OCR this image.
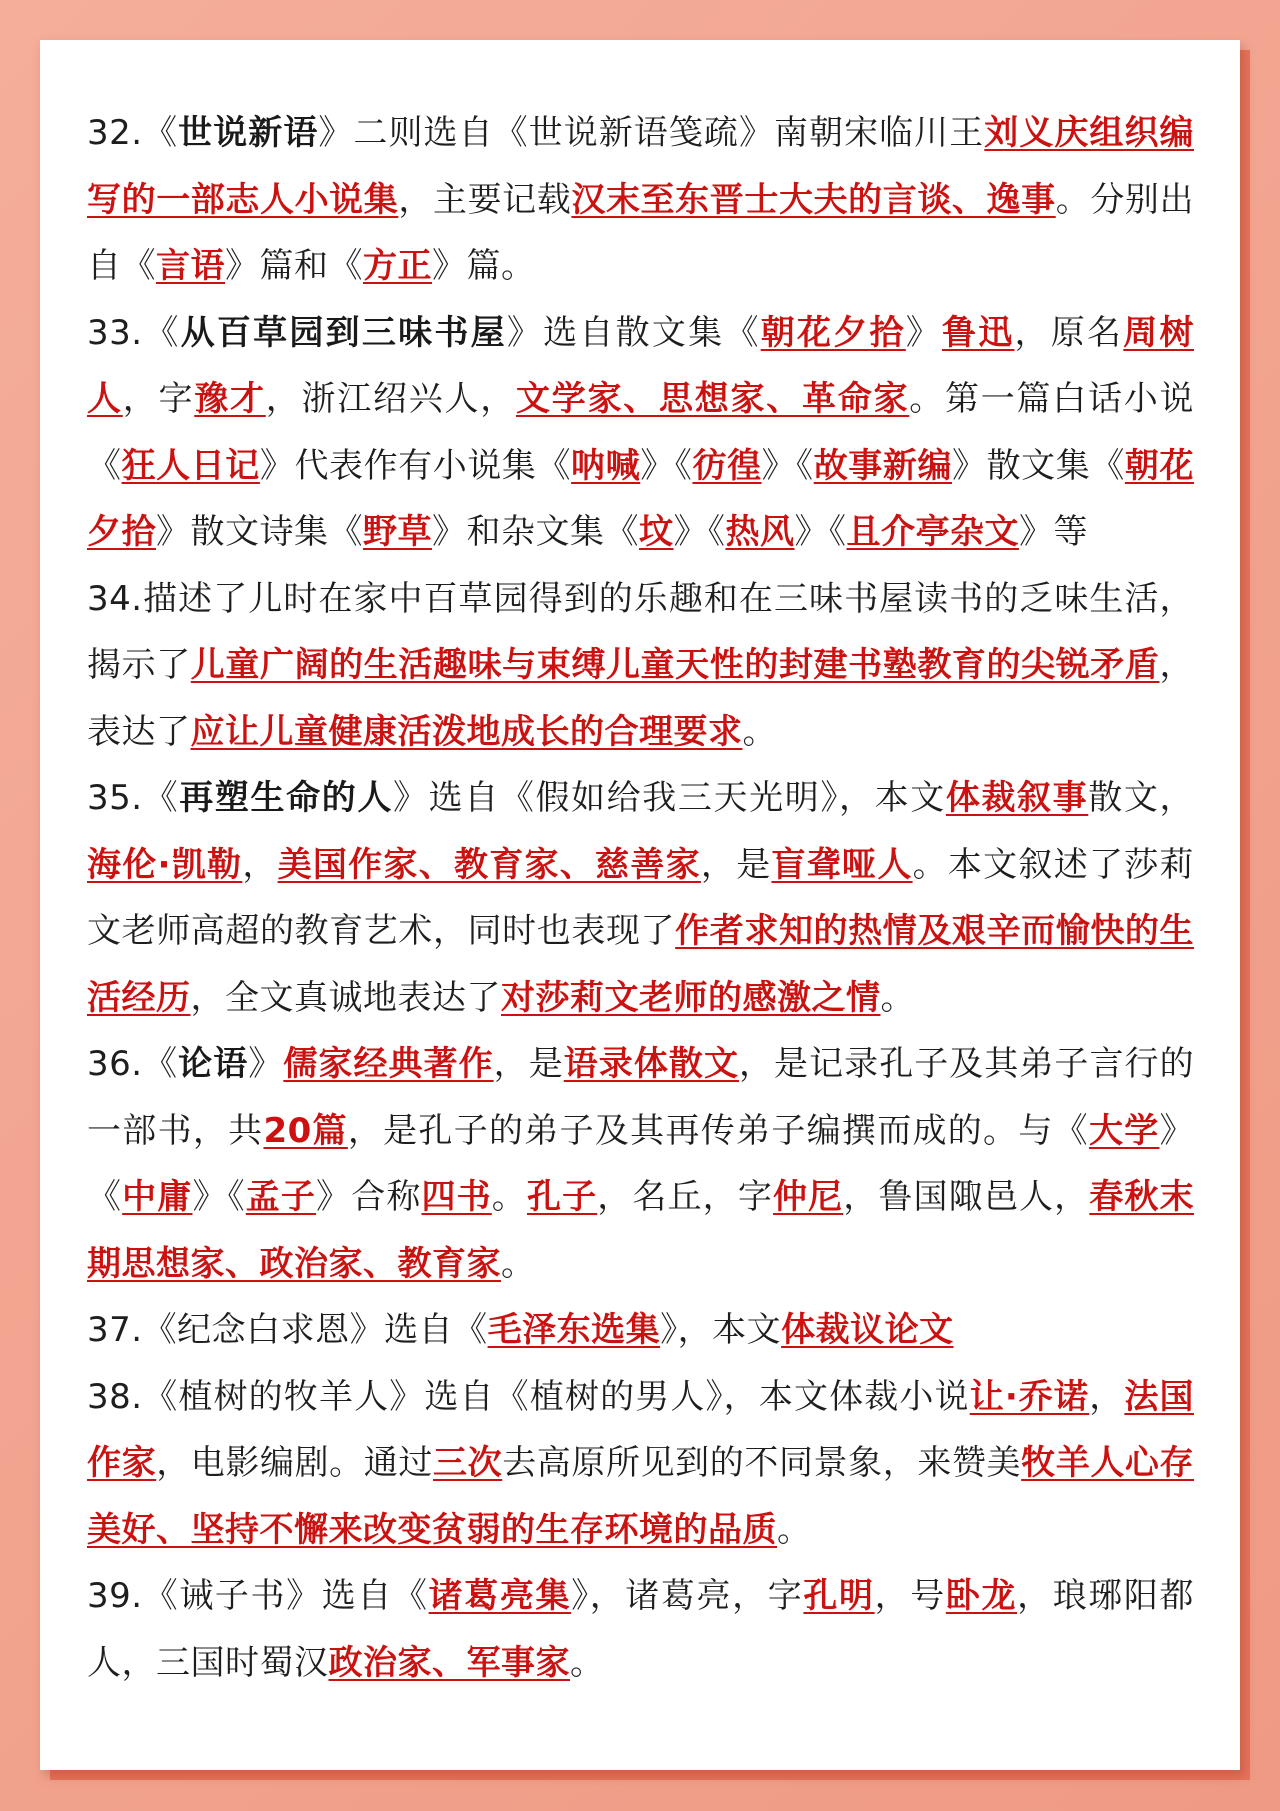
32.《世说新语》二则选自《世说新语笺疏》南朝宋临川王刘义庆组织编写的一部志人小说集，主要记载汉末至东晋士大夫的言谈、逸事。分别出自《言语》篇和《方正》篇。

33.《从百草园到三味书屋》选自散文集《朝花夕拾》鲁迅，原名周树人，字豫才，浙江绍兴人，文学家、思想家、革命家。第一篇白话小说《狂人日记》代表作有小说集《呐喊》《彷徨》《故事新编》散文集《朝花夕拾》散文诗集《野草》和杂文集《坟》《热风》《且介亭杂文》等

34.描述了儿时在家中百草园得到的乐趣和在三味书屋读书的乏味生活，揭示了儿童广阔的生活趣味与束缚儿童天性的封建书塾教育的尖锐矛盾，表达了应让儿童健康活泼地成长的合理要求。

35.《再塑生命的人》选自《假如给我三天光明》，本文体裁叙事散文，海伦·凯勒，美国作家、教育家、慈善家，是盲聋哑人。本文叙述了莎莉文老师高超的教育艺术，同时也表现了作者求知的热情及艰辛而愉快的生活经历，全文真诚地表达了对莎莉文老师的感激之情。

36.《论语》儒家经典著作，是语录体散文，是记录孔子及其弟子言行的一部书，共20篇，是孔子的弟子及其再传弟子编撰而成的。与《大学》《中庸》《孟子》合称四书。孔子，名丘，字仲尼，鲁国陬邑人，春秋末期思想家、政治家、教育家。

37.《纪念白求恩》选自《毛泽东选集》，本文体裁议论文

38.《植树的牧羊人》选自《植树的男人》，本文体裁小说让·乔诺，法国作家，电影编剧。通过三次去高原所见到的不同景象，来赞美牧羊人心存美好、坚持不懈来改变贫弱的生存环境的品质。

39.《诫子书》选自《诸葛亮集》，诸葛亮，字孔明，号卧龙，琅琊阳都人，三国时蜀汉政治家、军事家。
